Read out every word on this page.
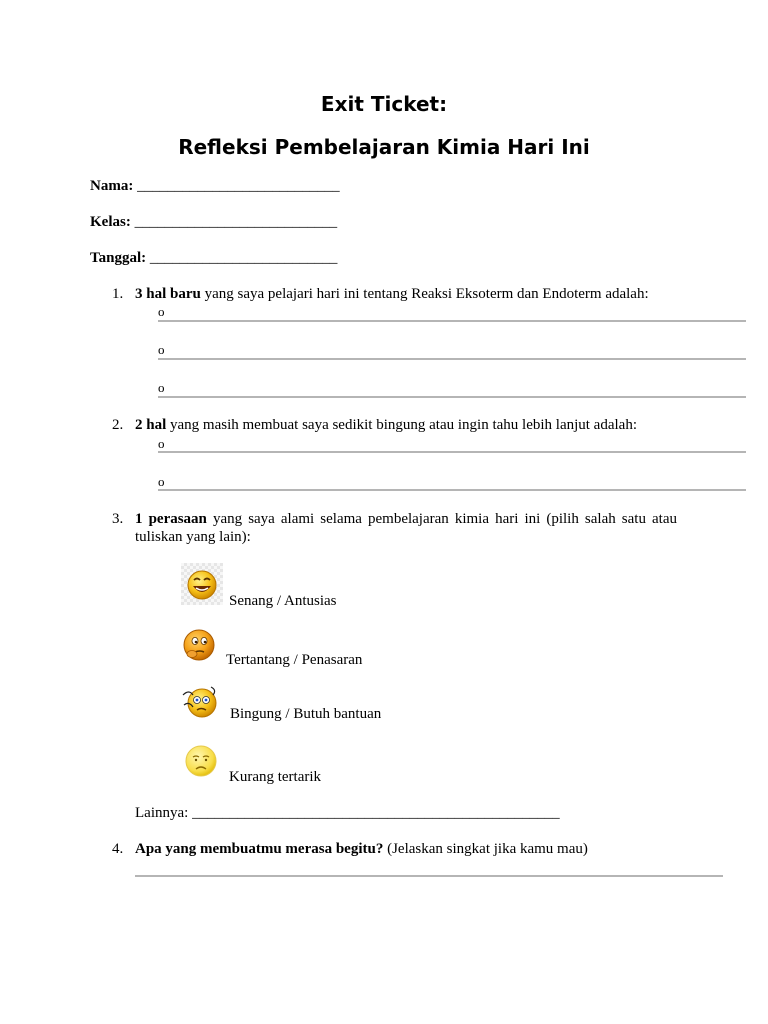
Exit Ticket:
Refleksi Pembelajaran Kimia Hari Ini
Nama: ___________________________
Kelas: ___________________________
Tanggal: _________________________
1. 3 hal baru yang saya pelajari hari ini tentang Reaksi Eksoterm dan Endoterm adalah:
o
o
o
2. 2 hal yang masih membuat saya sedikit bingung atau ingin tahu lebih lanjut adalah:
o
o
3. 1 perasaan yang saya alami selama pembelajaran kimia hari ini (pilih salah satu atau
tuliskan yang lain):
Senang / Antusias
Tertantang / Penasaran
Bingung / Butuh bantuan
Kurang tertarik
Lainnya: _________________________________________________
4. Apa yang membuatmu merasa begitu? (Jelaskan singkat jika kamu mau)
